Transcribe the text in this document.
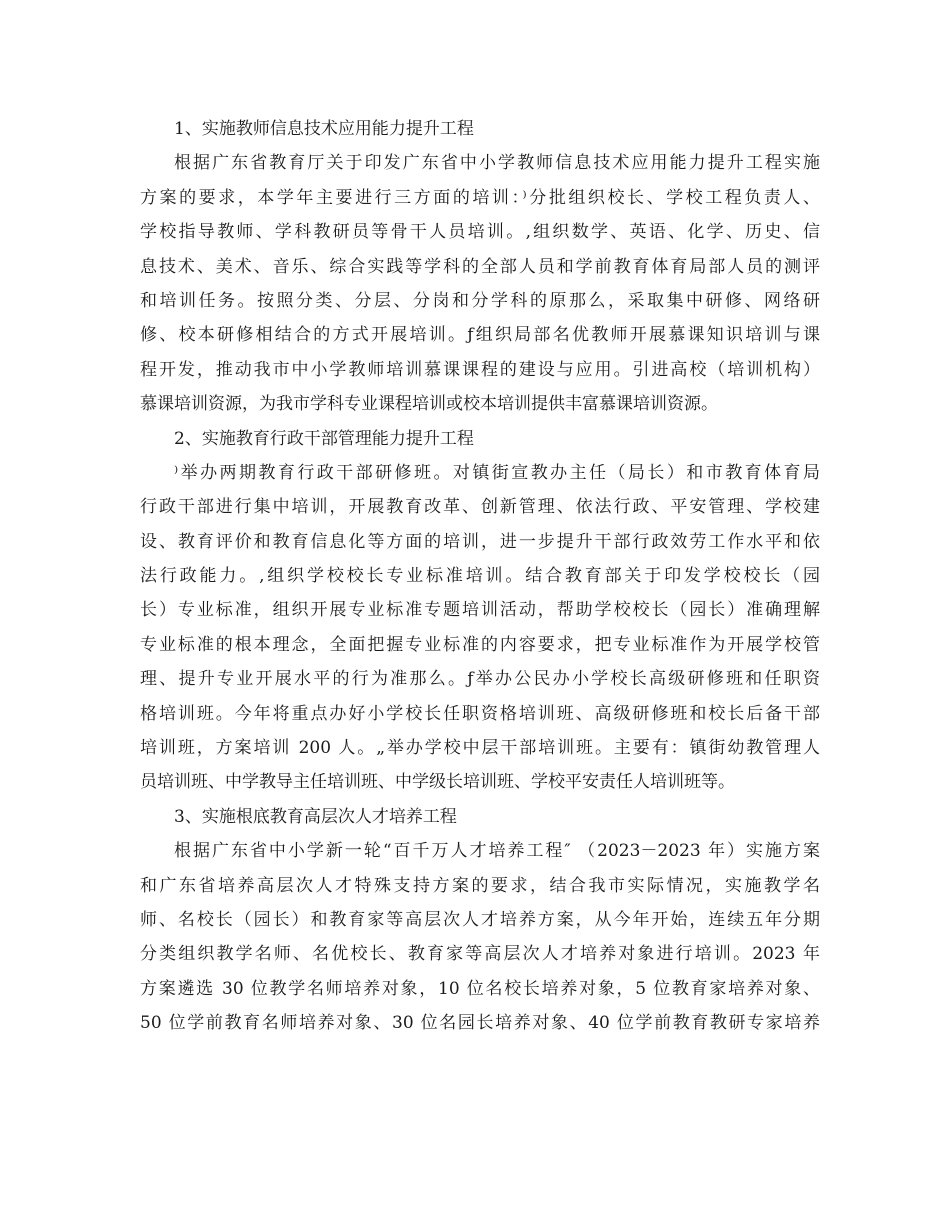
1、实施教师信息技术应用能力提升工程
根据广东省教育厅关于印发广东省中小学教师信息技术应用能力提升工程实施
方案的要求，本学年主要进行三方面的培训：⁾分批组织校长、学校工程负责人、
学校指导教师、学科教研员等骨干人员培训。‚组织数学、英语、化学、历史、信
息技术、美术、音乐、综合实践等学科的全部人员和学前教育体育局部人员的测评
和培训任务。按照分类、分层、分岗和分学科的原那么，采取集中研修、网络研
修、校本研修相结合的方式开展培训。ƒ组织局部名优教师开展慕课知识培训与课
程开发，推动我市中小学教师培训慕课课程的建设与应用。引进高校（培训机构）
慕课培训资源，为我市学科专业课程培训或校本培训提供丰富慕课培训资源。
2、实施教育行政干部管理能力提升工程
⁾举办两期教育行政干部研修班。对镇街宣教办主任（局长）和市教育体育局
行政干部进行集中培训，开展教育改革、创新管理、依法行政、平安管理、学校建
设、教育评价和教育信息化等方面的培训，进一步提升干部行政效劳工作水平和依
法行政能力。‚组织学校校长专业标准培训。结合教育部关于印发学校校长（园
长）专业标准，组织开展专业标准专题培训活动，帮助学校校长（园长）准确理解
专业标准的根本理念，全面把握专业标准的内容要求，把专业标准作为开展学校管
理、提升专业开展水平的行为准那么。ƒ举办公民办小学校长高级研修班和任职资
格培训班。今年将重点办好小学校长任职资格培训班、高级研修班和校长后备干部
培训班，方案培训 200 人。„举办学校中层干部培训班。主要有：镇街幼教管理人
员培训班、中学教导主任培训班、中学级长培训班、学校平安责任人培训班等。
3、实施根底教育高层次人才培养工程
根据广东省中小学新一轮“百千万人才培养工程″ （2023－2023 年）实施方案
和广东省培养高层次人才特殊支持方案的要求，结合我市实际情况，实施教学名
师、名校长（园长）和教育家等高层次人才培养方案，从今年开始，连续五年分期
分类组织教学名师、名优校长、教育家等高层次人才培养对象进行培训。2023 年
方案遴选 30 位教学名师培养对象，10 位名校长培养对象，5 位教育家培养对象、
50 位学前教育名师培养对象、30 位名园长培养对象、40 位学前教育教研专家培养
